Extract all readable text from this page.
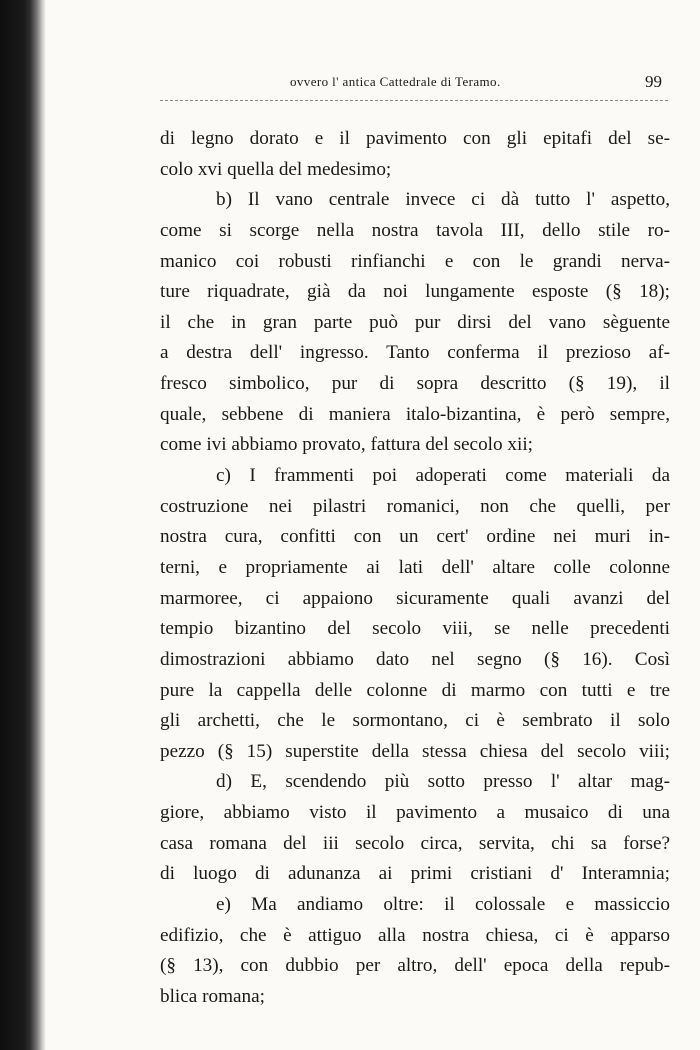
ovvero l' antica Cattedrale di Teramo.	99
di legno dorato e il pavimento con gli epitafi del se-
colo xvi quella del medesimo;
b) Il vano centrale invece ci dà tutto l' aspetto,
come si scorge nella nostra tavola III, dello stile ro-
manico coi robusti rinfianchi e con le grandi nerva-
ture riquadrate, già da noi lungamente esposte (§ 18);
il che in gran parte può pur dirsi del vano sèguente
a destra dell' ingresso. Tanto conferma il prezioso af-
fresco simbolico, pur di sopra descritto (§ 19), il
quale, sebbene di maniera italo-bizantina, è però sempre,
come ivi abbiamo provato, fattura del secolo xii;
c) I frammenti poi adoperati come materiali da
costruzione nei pilastri romanici, non che quelli, per
nostra cura, confitti con un cert' ordine nei muri in-
terni, e propriamente ai lati dell' altare colle colonne
marmoree, ci appaiono sicuramente quali avanzi del
tempio bizantino del secolo viii, se nelle precedenti
dimostrazioni abbiamo dato nel segno (§ 16). Così
pure la cappella delle colonne di marmo con tutti e tre
gli archetti, che le sormontano, ci è sembrato il solo
pezzo (§ 15) superstite della stessa chiesa del secolo viii;
d) E, scendendo più sotto presso l' altar mag-
giore, abbiamo visto il pavimento a musaico di una
casa romana del iii secolo circa, servita, chi sa forse?
di luogo di adunanza ai primi cristiani d' Interamnia;
e) Ma andiamo oltre: il colossale e massiccio
edifizio, che è attiguo alla nostra chiesa, ci è apparso
(§ 13), con dubbio per altro, dell' epoca della repub-
blica romana;
